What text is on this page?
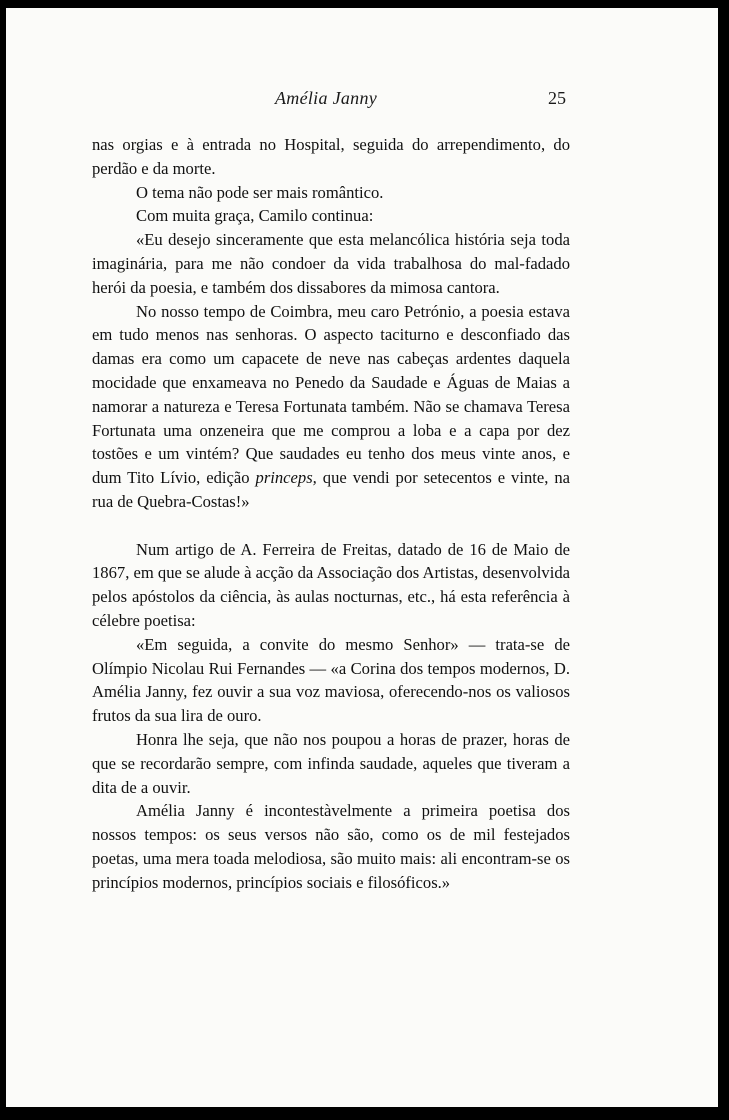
Amélia Janny	25

nas orgias e à entrada no Hospital, seguida do arrependimento, do perdão e da morte.

O tema não pode ser mais romântico.

Com muita graça, Camilo continua:

«Eu desejo sinceramente que esta melancólica história seja toda imaginária, para me não condoer da vida trabalhosa do mal-fadado herói da poesia, e também dos dissabores da mimosa cantora.

No nosso tempo de Coimbra, meu caro Petrónio, a poesia estava em tudo menos nas senhoras. O aspecto taciturno e desconfiado das damas era como um capacete de neve nas cabeças ardentes daquela mocidade que enxameava no Penedo da Saudade e Águas de Maias a namorar a natureza e Teresa Fortunata também. Não se chamava Teresa Fortunata uma onzeneira que me comprou a loba e a capa por dez tostões e um vintém? Que saudades eu tenho dos meus vinte anos, e dum Tito Lívio, edição princeps, que vendi por setecentos e vinte, na rua de Quebra-Costas!»

Num artigo de A. Ferreira de Freitas, datado de 16 de Maio de 1867, em que se alude à acção da Associação dos Artistas, desenvolvida pelos apóstolos da ciência, às aulas nocturnas, etc., há esta referência à célebre poetisa:

«Em seguida, a convite do mesmo Senhor» — trata-se de Olímpio Nicolau Rui Fernandes — «a Corina dos tempos modernos, D. Amélia Janny, fez ouvir a sua voz maviosa, oferecendo-nos os valiosos frutos da sua lira de ouro.

Honra lhe seja, que não nos poupou a horas de prazer, horas de que se recordarão sempre, com infinda saudade, aqueles que tiveram a dita de a ouvir.

Amélia Janny é incontestàvelmente a primeira poetisa dos nossos tempos: os seus versos não são, como os de mil festejados poetas, uma mera toada melodiosa, são muito mais: ali encontram-se os princípios modernos, princípios sociais e filosóficos.»
